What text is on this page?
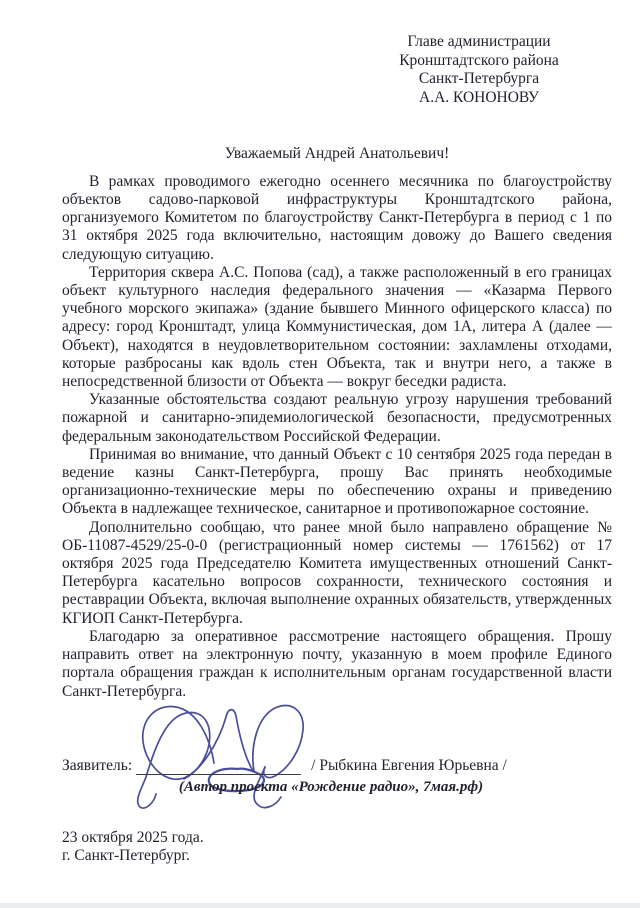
Главе администрации
Кронштадтского района
Санкт-Петербурга
А.А. КОНОНОВУ
Уважаемый Андрей Анатольевич!

В рамках проводимого ежегодно осеннего месячника по благоустройству объектов садово-парковой инфраструктуры Кронштадтского района, организуемого Комитетом по благоустройству Санкт-Петербурга в период с 1 по 31 октября 2025 года включительно, настоящим довожу до Вашего сведения следующую ситуацию.

Территория сквера А.С. Попова (сад), а также расположенный в его границах объект культурного наследия федерального значения — «Казарма Первого учебного морского экипажа» (здание бывшего Минного офицерского класса) по адресу: город Кронштадт, улица Коммунистическая, дом 1А, литера А (далее — Объект), находятся в неудовлетворительном состоянии: захламлены отходами, которые разбросаны как вдоль стен Объекта, так и внутри него, а также в непосредственной близости от Объекта — вокруг беседки радиста.

Указанные обстоятельства создают реальную угрозу нарушения требований пожарной и санитарно-эпидемиологической безопасности, предусмотренных федеральным законодательством Российской Федерации.

Принимая во внимание, что данный Объект с 10 сентября 2025 года передан в ведение казны Санкт-Петербурга, прошу Вас принять необходимые организационно-технические меры по обеспечению охраны и приведению Объекта в надлежащее техническое, санитарное и противопожарное состояние.

Дополнительно сообщаю, что ранее мной было направлено обращение № ОБ-11087-4529/25-0-0 (регистрационный номер системы — 1761562) от 17 октября 2025 года Председателю Комитета имущественных отношений Санкт-Петербурга касательно вопросов сохранности, технического состояния и реставрации Объекта, включая выполнение охранных обязательств, утвержденных КГИОП Санкт-Петербурга.

Благодарю за оперативное рассмотрение настоящего обращения. Прошу направить ответ на электронную почту, указанную в моем профиле Единого портала обращения граждан к исполнительным органам государственной власти Санкт-Петербурга.

Заявитель:	/ Рыбкина Евгения Юрьевна /
(Автор проекта «Рождение радио», 7мая.рф)
23 октября 2025 года.
г. Санкт-Петербург.
